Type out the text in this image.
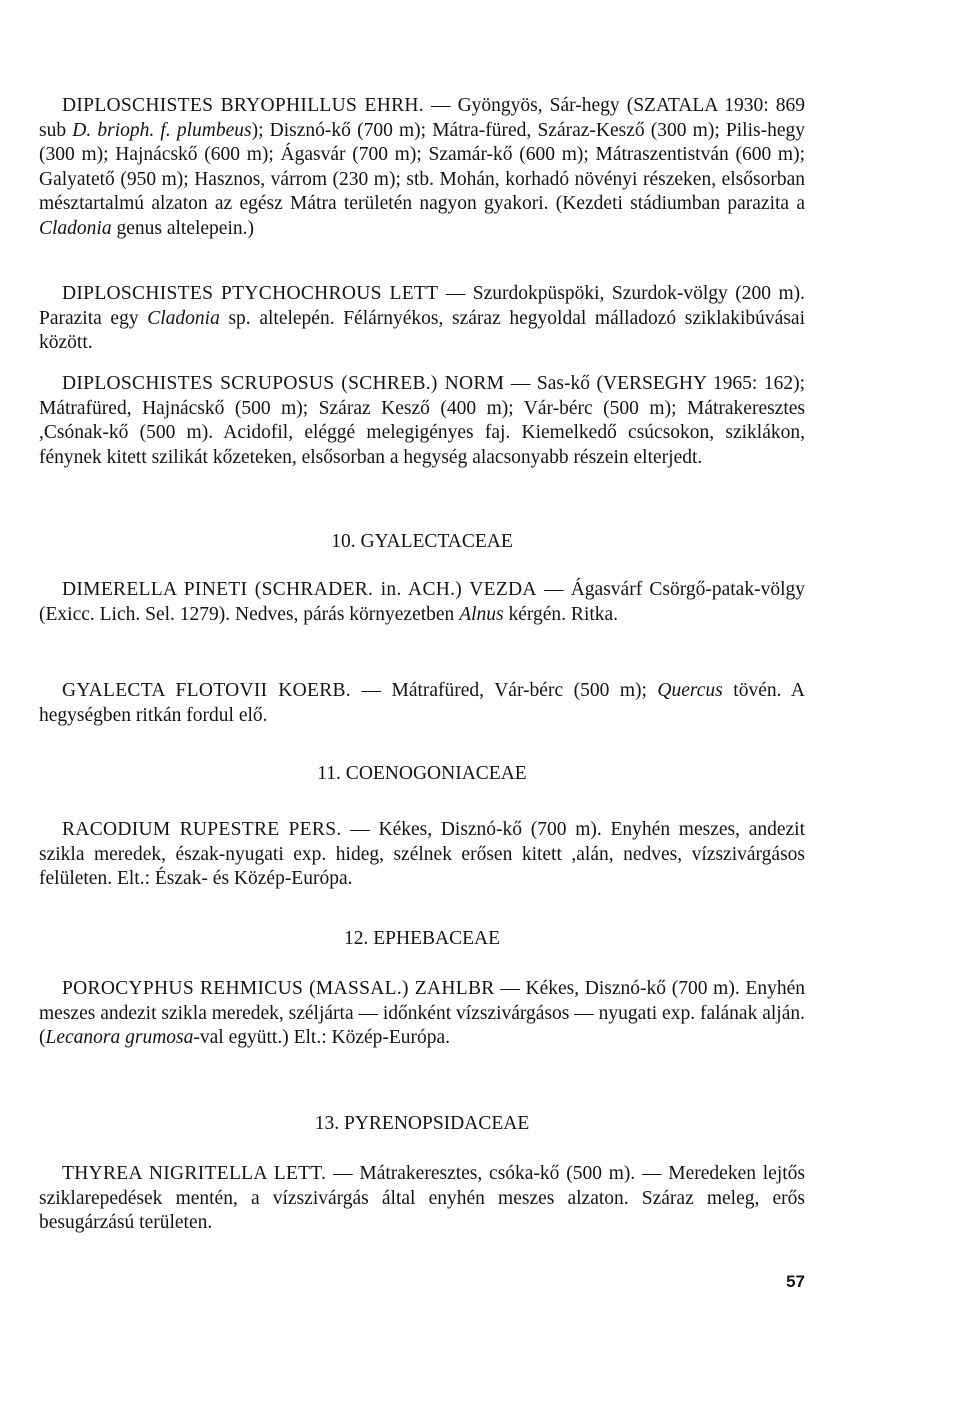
DIPLOSCHISTES BRYOPHILLUS EHRH. — Gyöngyös, Sár-hegy (SZATALA 1930: 869 sub D. brioph. f. plumbeus); Disznó-kő (700 m); Mátra-füred, Száraz-Kesző (300 m); Pilis-hegy (300 m); Hajnácskő (600 m); Ágasvár (700 m); Szamár-kő (600 m); Mátraszentistván (600 m); Galyatető (950 m); Hasznos, várrom (230 m); stb. Mohán, korhadó növényi részeken, elsősorban mésztartalmú alzaton az egész Mátra területén nagyon gyakori. (Kezdeti stádiumban parazita a Cladonia genus altelepein.)

DIPLOSCHISTES PTYCHOCHROUS LETT — Szurdokpüspöki, Szurdok-völgy (200 m). Parazita egy Cladonia sp. altelepén. Félárnyékos, száraz hegyoldal málladozó sziklakibúvásai között.

DIPLOSCHISTES SCRUPOSUS (SCHREB.) NORM — Sas-kő (VERSEGHY 1965: 162); Mátrafüred, Hajnácskő (500 m); Száraz Kesző (400 m); Vár-bérc (500 m); Mátrakeresztes ,Csónak-kő (500 m). Acidofil, eléggé melegigényes faj. Kiemelkedő csúcsokon, sziklákon, fénynek kitett szilikát kőzeteken, elsősorban a hegység alacsonyabb részein elterjedt.

10. GYALECTACEAE

DIMERELLA PINETI (SCHRADER. in. ACH.) VEZDA — Ágasvárf Csörgő-patak-völgy (Exicc. Lich. Sel. 1279). Nedves, párás környezetben Alnus kérgén. Ritka.

GYALECTA FLOTOVII KOERB. — Mátrafüred, Vár-bérc (500 m); Quercus tövén. A hegységben ritkán fordul elő.

11. COENOGONIACEAE

RACODIUM RUPESTRE PERS. — Kékes, Disznó-kő (700 m). Enyhén meszes, andezit szikla meredek, észak-nyugati exp. hideg, szélnek erősen kitett ,alán, nedves, vízszivárgásos felületen. Elt.: Észak- és Közép-Európa.

12. EPHEBACEAE

POROCYPHUS REHMICUS (MASSAL.) ZAHLBR — Kékes, Disznó-kő (700 m). Enyhén meszes andezit szikla meredek, széljárta — időnként vízszivárgásos — nyugati exp. falának alján. (Lecanora grumosa-val együtt.) Elt.: Közép-Európa.

13. PYRENOPSIDACEAE

THYREA NIGRITELLA LETT. — Mátrakeresztes, csóka-kő (500 m). — Meredeken lejtős sziklarepedések mentén, a vízszivárgás által enyhén meszes alzaton. Száraz meleg, erős besugárzású területen.

57
